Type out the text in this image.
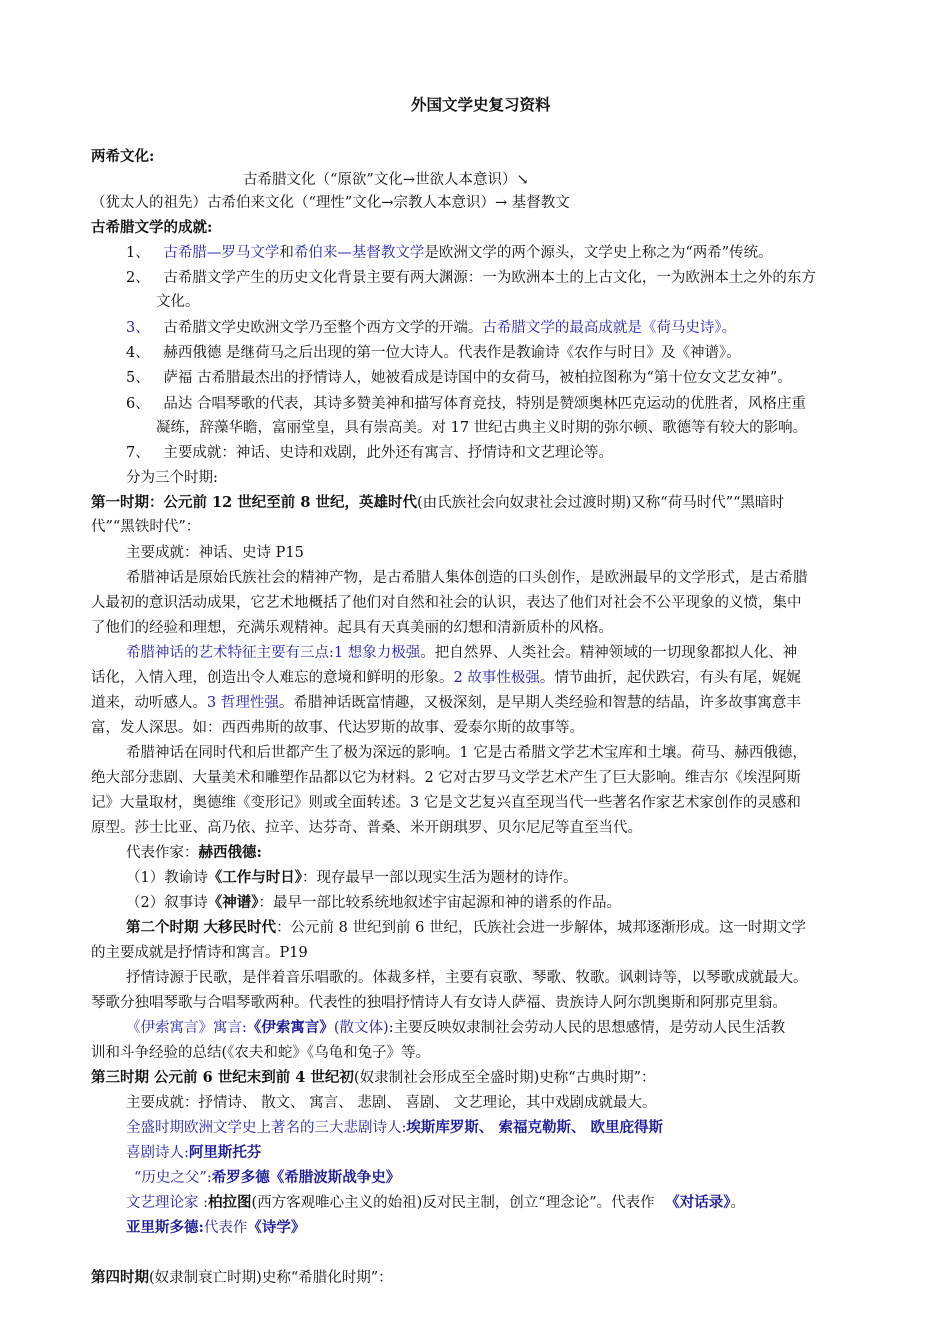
外国文学史复习资料
两希文化:
古希腊文化（“原欲”文化→世欲人本意识）↘
（犹太人的祖先）古希伯来文化（“理性”文化→宗教人本意识）→ 基督教文
古希腊文学的成就:
1、 古希腊—罗马文学和希伯来—基督教文学是欧洲文学的两个源头，文学史上称之为“两希”传统。
2、 古希腊文学产生的历史文化背景主要有两大渊源：一为欧洲本土的上古文化，一为欧洲本土之外的东方
文化。
3、 古希腊文学史欧洲文学乃至整个西方文学的开端。古希腊文学的最高成就是《荷马史诗》。
4、 赫西俄德 是继荷马之后出现的第一位大诗人。代表作是教谕诗《农作与时日》及《神谱》。
5、 萨福 古希腊最杰出的抒情诗人，她被看成是诗国中的女荷马，被柏拉图称为“第十位女文艺女神”。
6、 品达 合唱琴歌的代表，其诗多赞美神和描写体育竞技，特别是赞颂奥林匹克运动的优胜者，风格庄重
凝练，辞藻华瞻，富丽堂皇，具有崇高美。对 17 世纪古典主义时期的弥尔顿、歌德等有较大的影响。
7、 主要成就：神话、史诗和戏剧，此外还有寓言、抒情诗和文艺理论等。
分为三个时期:
第一时期：公元前 12 世纪至前 8 世纪，英雄时代(由氏族社会向奴隶社会过渡时期)又称“荷马时代”“黑暗时
代”“黑铁时代”：
主要成就：神话、史诗 P15
希腊神话是原始氏族社会的精神产物，是古希腊人集体创造的口头创作，是欧洲最早的文学形式，是古希腊
人最初的意识活动成果，它艺术地概括了他们对自然和社会的认识，表达了他们对社会不公平现象的义愤，集中
了他们的经验和理想，充满乐观精神。起具有天真美丽的幻想和清新质朴的风格。
希腊神话的艺术特征主要有三点:1 想象力极强。把自然界、人类社会。精神领域的一切现象都拟人化、神
话化，入情入理，创造出令人难忘的意境和鲜明的形象。2 故事性极强。情节曲折，起伏跌宕，有头有尾，娓娓
道来，动听感人。3 哲理性强。希腊神话既富情趣，又极深刻，是早期人类经验和智慧的结晶，许多故事寓意丰
富，发人深思。如：西西弗斯的故事、代达罗斯的故事、爱泰尔斯的故事等。
希腊神话在同时代和后世都产生了极为深远的影响。1 它是古希腊文学艺术宝库和土壤。荷马、赫西俄德，
绝大部分悲剧、大量美术和雕塑作品都以它为材料。2 它对古罗马文学艺术产生了巨大影响。维吉尔《埃涅阿斯
记》大量取材，奥德维《变形记》则或全面转述。3 它是文艺复兴直至现当代一些著名作家艺术家创作的灵感和
原型。莎士比亚、高乃依、拉辛、达芬奇、普桑、米开朗琪罗、贝尔尼尼等直至当代。
代表作家：赫西俄德:
（1）教谕诗《工作与时日》：现存最早一部以现实生活为题材的诗作。
（2）叙事诗《神谱》：最早一部比较系统地叙述宇宙起源和神的谱系的作品。
第二个时期 大移民时代：公元前 8 世纪到前 6 世纪，氏族社会进一步解体，城邦逐渐形成。这一时期文学
的主要成就是抒情诗和寓言。P19
抒情诗源于民歌，是伴着音乐唱歌的。体裁多样，主要有哀歌、琴歌、牧歌。讽刺诗等，以琴歌成就最大。
琴歌分独唱琴歌与合唱琴歌两种。代表性的独唱抒情诗人有女诗人萨福、贵族诗人阿尔凯奥斯和阿那克里翁。
《伊索寓言》寓言:《伊索寓言》(散文体):主要反映奴隶制社会劳动人民的思想感情，是劳动人民生活教
训和斗争经验的总结(《农夫和蛇》《乌龟和兔子》等。
第三时期 公元前 6 世纪末到前 4 世纪初(奴隶制社会形成至全盛时期)史称“古典时期”：
主要成就：抒情诗、 散文、 寓言、 悲剧、 喜剧、 文艺理论，其中戏剧成就最大。
全盛时期欧洲文学史上著名的三大悲剧诗人:埃斯库罗斯、 索福克勒斯、 欧里庇得斯
喜剧诗人:阿里斯托芬
“历史之父”:希罗多德《希腊波斯战争史》
文艺理论家 :柏拉图(西方客观唯心主义的始祖)反对民主制，创立“理念论”。代表作 《对话录》。
亚里斯多德:代表作《诗学》
第四时期(奴隶制衰亡时期)史称“希腊化时期”：
